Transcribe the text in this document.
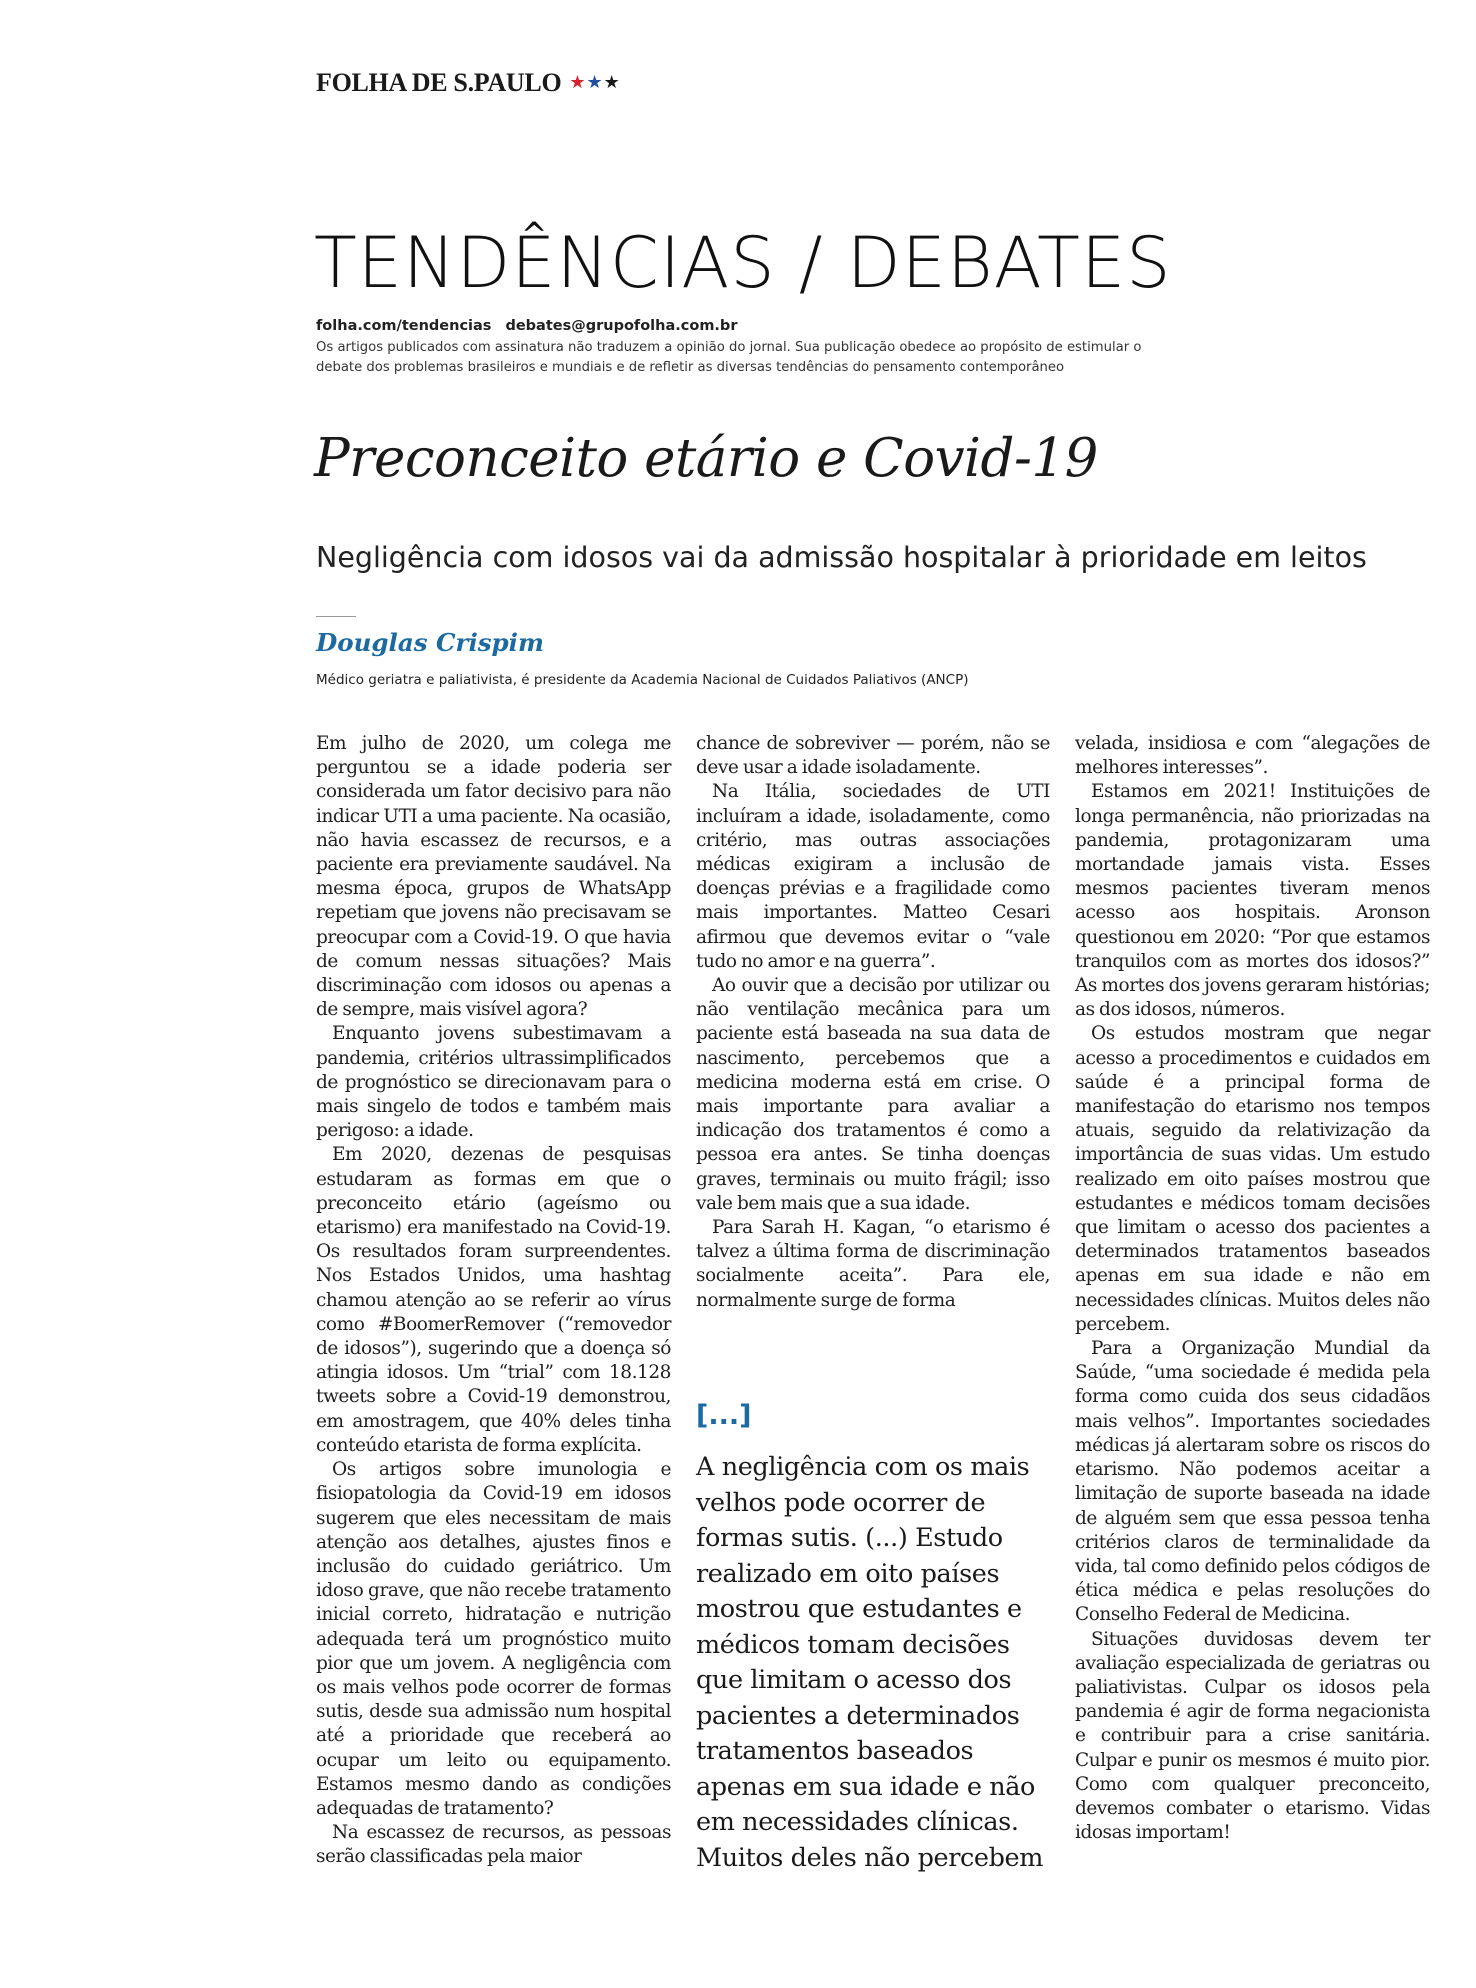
FOLHA DE S.PAULO ★★★
TENDÊNCIAS / DEBATES
folha.com/tendencias debates@grupofolha.com.br
Os artigos publicados com assinatura não traduzem a opinião do jornal. Sua publicação obedece ao propósito de estimular o debate dos problemas brasileiros e mundiais e de refletir as diversas tendências do pensamento contemporâneo
Preconceito etário e Covid-19
Negligência com idosos vai da admissão hospitalar à prioridade em leitos
Douglas Crispim
Médico geriatra e paliativista, é presidente da Academia Nacional de Cuidados Paliativos (ANCP)

Em julho de 2020, um colega me perguntou se a idade poderia ser considerada um fator decisivo para não indicar UTI a uma paciente. Na ocasião, não havia escassez de recursos, e a paciente era previamente saudável. Na mesma época, grupos de WhatsApp repetiam que jovens não precisavam se preocupar com a Covid-19. O que havia de comum nessas situações? Mais discriminação com idosos ou apenas a de sempre, mais visível agora?

Enquanto jovens subestimavam a pandemia, critérios ultrassimplificados de prognóstico se direcionavam para o mais singelo de todos e também mais perigoso: a idade.

Em 2020, dezenas de pesquisas estudaram as formas em que o preconceito etário (ageísmo ou etarismo) era manifestado na Covid-19. Os resultados foram surpreendentes. Nos Estados Unidos, uma hashtag chamou atenção ao se referir ao vírus como #BoomerRemover (“removedor de idosos”), sugerindo que a doença só atingia idosos. Um “trial” com 18.128 tweets sobre a Covid-19 demonstrou, em amostragem, que 40% deles tinha conteúdo etarista de forma explícita.

Os artigos sobre imunologia e fisiopatologia da Covid-19 em idosos sugerem que eles necessitam de mais atenção aos detalhes, ajustes finos e inclusão do cuidado geriátrico. Um idoso grave, que não recebe tratamento inicial correto, hidratação e nutrição adequada terá um prognóstico muito pior que um jovem. A negligência com os mais velhos pode ocorrer de formas sutis, desde sua admissão num hospital até a prioridade que receberá ao ocupar um leito ou equipamento. Estamos mesmo dando as condições adequadas de tratamento?

Na escassez de recursos, as pessoas serão classificadas pela maior

chance de sobreviver — porém, não se deve usar a idade isoladamente.

Na Itália, sociedades de UTI incluíram a idade, isoladamente, como critério, mas outras associações médicas exigiram a inclusão de doenças prévias e a fragilidade como mais importantes. Matteo Cesari afirmou que devemos evitar o “vale tudo no amor e na guerra”.

Ao ouvir que a decisão por utilizar ou não ventilação mecânica para um paciente está baseada na sua data de nascimento, percebemos que a medicina moderna está em crise. O mais importante para avaliar a indicação dos tratamentos é como a pessoa era antes. Se tinha doenças graves, terminais ou muito frágil; isso vale bem mais que a sua idade.

Para Sarah H. Kagan, “o etarismo é talvez a última forma de discriminação socialmente aceita”. Para ele, normalmente surge de forma

[...]
A negligência com os mais velhos pode ocorrer de formas sutis. (...) Estudo realizado em oito países mostrou que estudantes e médicos tomam decisões que limitam o acesso dos pacientes a determinados tratamentos baseados apenas em sua idade e não em necessidades clínicas. Muitos deles não percebem

velada, insidiosa e com “alegações de melhores interesses”.

Estamos em 2021! Instituições de longa permanência, não priorizadas na pandemia, protagonizaram uma mortandade jamais vista. Esses mesmos pacientes tiveram menos acesso aos hospitais. Aronson questionou em 2020: “Por que estamos tranquilos com as mortes dos idosos?” As mortes dos jovens geraram histórias; as dos idosos, números.

Os estudos mostram que negar acesso a procedimentos e cuidados em saúde é a principal forma de manifestação do etarismo nos tempos atuais, seguido da relativização da importância de suas vidas. Um estudo realizado em oito países mostrou que estudantes e médicos tomam decisões que limitam o acesso dos pacientes a determinados tratamentos baseados apenas em sua idade e não em necessidades clínicas. Muitos deles não percebem.

Para a Organização Mundial da Saúde, “uma sociedade é medida pela forma como cuida dos seus cidadãos mais velhos”. Importantes sociedades médicas já alertaram sobre os riscos do etarismo. Não podemos aceitar a limitação de suporte baseada na idade de alguém sem que essa pessoa tenha critérios claros de terminalidade da vida, tal como definido pelos códigos de ética médica e pelas resoluções do Conselho Federal de Medicina.

Situações duvidosas devem ter avaliação especializada de geriatras ou paliativistas. Culpar os idosos pela pandemia é agir de forma negacionista e contribuir para a crise sanitária. Culpar e punir os mesmos é muito pior. Como com qualquer preconceito, devemos combater o etarismo. Vidas idosas importam!
